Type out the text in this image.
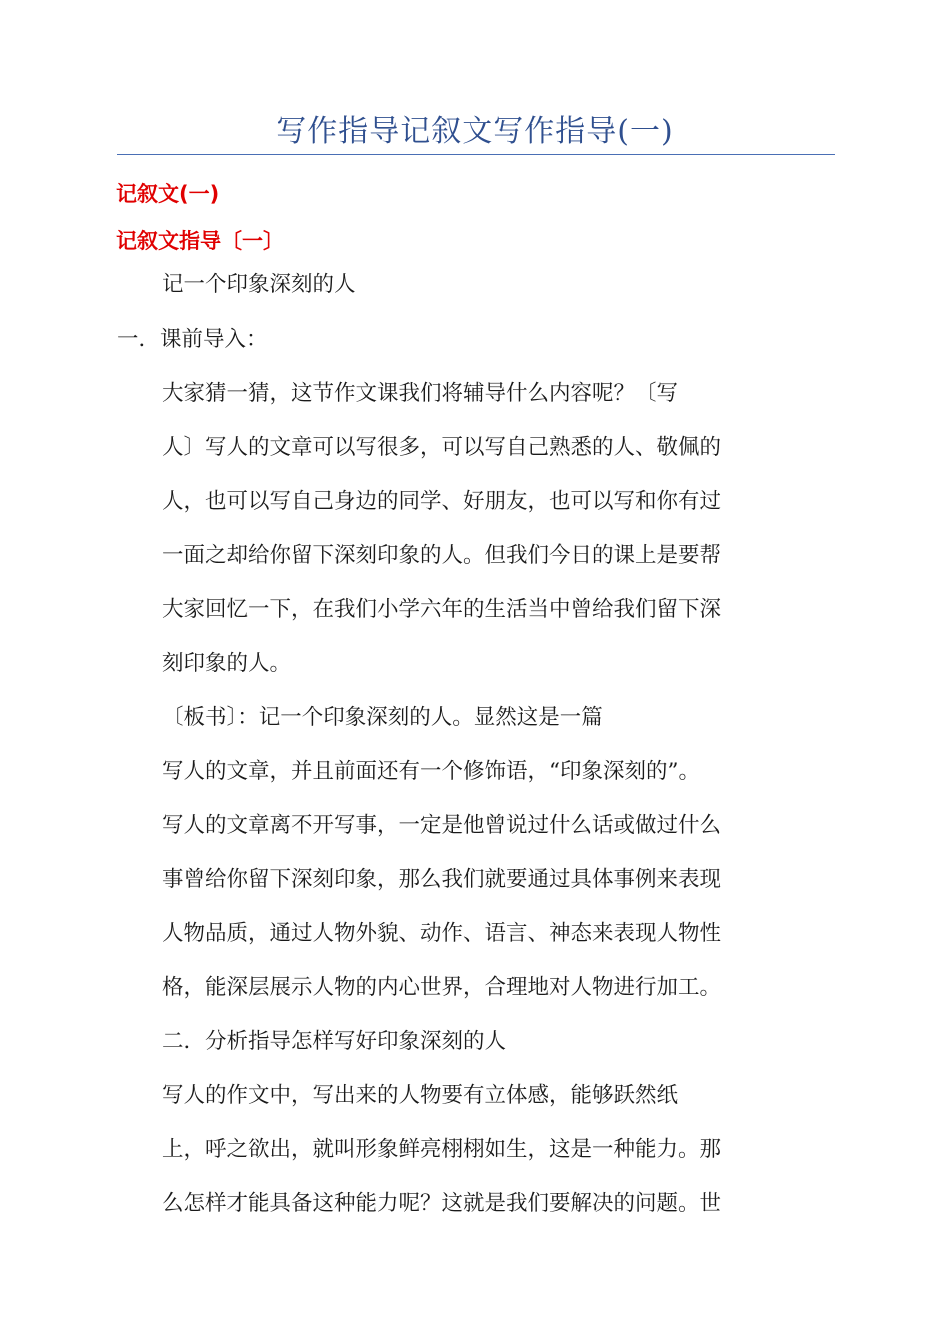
写作指导记叙文写作指导(一)
记叙文(一)
记叙文指导〔一〕
记一个印象深刻的人
一．课前导入：
大家猜一猜，这节作文课我们将辅导什么内容呢？〔写
人〕写人的文章可以写很多，可以写自己熟悉的人、敬佩的
人，也可以写自己身边的同学、好朋友，也可以写和你有过
一面之却给你留下深刻印象的人。但我们今日的课上是要帮
大家回忆一下，在我们小学六年的生活当中曾给我们留下深
刻印象的人。
〔板书〕：记一个印象深刻的人。显然这是一篇
写人的文章，并且前面还有一个修饰语，“印象深刻的”。
写人的文章离不开写事，一定是他曾说过什么话或做过什么
事曾给你留下深刻印象，那么我们就要通过具体事例来表现
人物品质，通过人物外貌、动作、语言、神态来表现人物性
格，能深层展示人物的内心世界，合理地对人物进行加工。
二．分析指导怎样写好印象深刻的人
写人的作文中，写出来的人物要有立体感，能够跃然纸
上，呼之欲出，就叫形象鲜亮栩栩如生，这是一种能力。那
么怎样才能具备这种能力呢？这就是我们要解决的问题。世
